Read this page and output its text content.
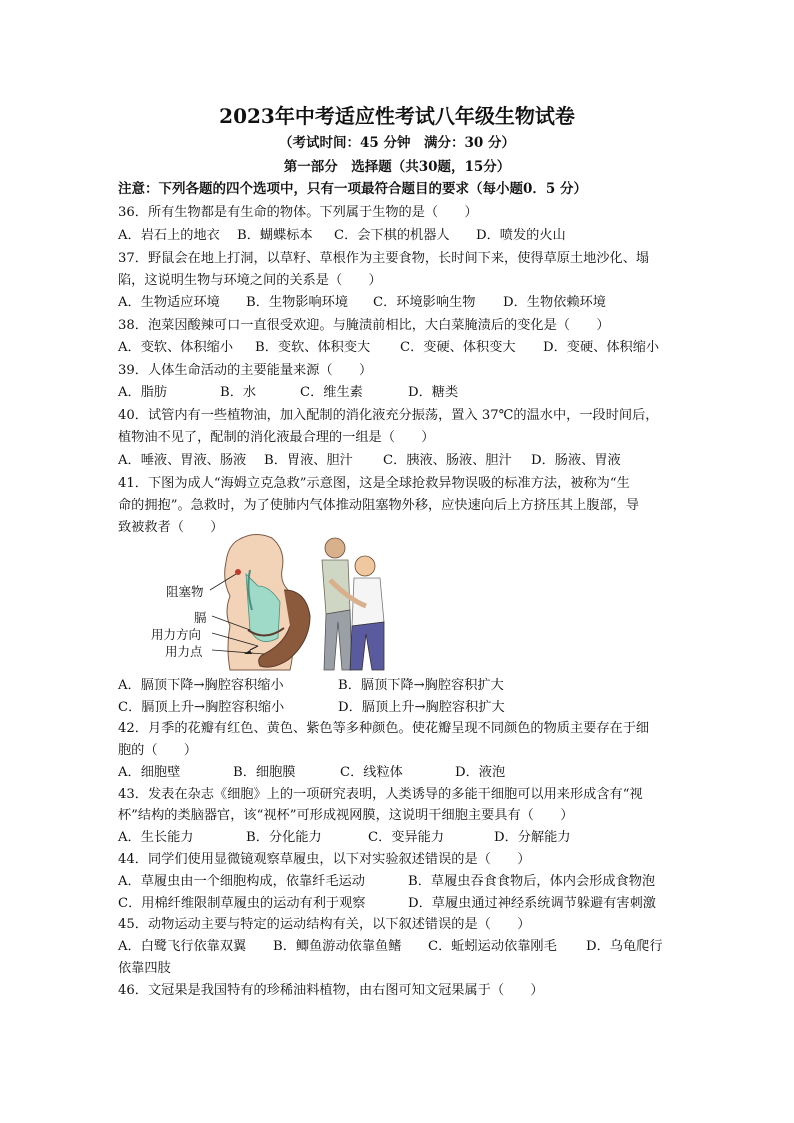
2023年中考适应性考试八年级生物试卷
（考试时间：45 分钟　满分：30 分）
第一部分　选择题（共30题，15分）
注意：下列各题的四个选项中，只有一项最符合题目的要求（每小题0．5 分）
36．所有生物都是有生命的物体。下列属于生物的是（　　）
A．岩石上的地衣 B．蝴蝶标本 C．会下棋的机器人 D．喷发的火山
37．野鼠会在地上打洞，以草籽、草根作为主要食物，长时间下来，使得草原土地沙化、塌
陷，这说明生物与环境之间的关系是（　　）
A．生物适应环境 B．生物影响环境 C．环境影响生物 D．生物依赖环境
38．泡菜因酸辣可口一直很受欢迎。与腌渍前相比，大白菜腌渍后的变化是（　　）
A．变软、体积缩小 B．变软、体积变大 C．变硬、体积变大 D．变硬、体积缩小
39．人体生命活动的主要能量来源（　　）
A．脂肪	B．水	C．维生素	D．糖类
40．试管内有一些植物油，加入配制的消化液充分振荡，置入 37℃的温水中，一段时间后，
植物油不见了，配制的消化液最合理的一组是（　　）
A．唾液、胃液、肠液 B．胃液、胆汁 C．胰液、肠液、胆汁 D．肠液、胃液
41．下图为成人“海姆立克急救”示意图，这是全球抢救异物误吸的标准方法，被称为“生
命的拥抱”。急救时，为了使肺内气体推动阻塞物外移，应快速向后上方挤压其上腹部，导
致被救者（　　）
阻塞物
膈
用力方向
用力点
A．膈顶下降→胸腔容积缩小	B．膈顶下降→胸腔容积扩大
C．膈顶上升→胸腔容积缩小	D．膈顶上升→胸腔容积扩大
42．月季的花瓣有红色、黄色、紫色等多种颜色。使花瓣呈现不同颜色的物质主要存在于细
胞的（　　）
A．细胞壁	B．细胞膜	C．线粒体	D．液泡
43．发表在杂志《细胞》上的一项研究表明，人类诱导的多能干细胞可以用来形成含有“视
杯”结构的类脑器官，该“视杯”可形成视网膜，这说明干细胞主要具有（　　）
A．生长能力	B．分化能力	C．变异能力	D．分解能力
44．同学们使用显微镜观察草履虫，以下对实验叙述错误的是（　　）
A．草履虫由一个细胞构成，依靠纤毛运动	B．草履虫吞食食物后，体内会形成食物泡
C．用棉纤维限制草履虫的运动有利于观察	D．草履虫通过神经系统调节躲避有害刺激
45．动物运动主要与特定的运动结构有关，以下叙述错误的是（　　）
A．白鹭飞行依靠双翼 B．鲫鱼游动依靠鱼鳍 C．蚯蚓运动依靠刚毛 D．乌龟爬行
依靠四肢
46．文冠果是我国特有的珍稀油料植物，由右图可知文冠果属于（　　）
